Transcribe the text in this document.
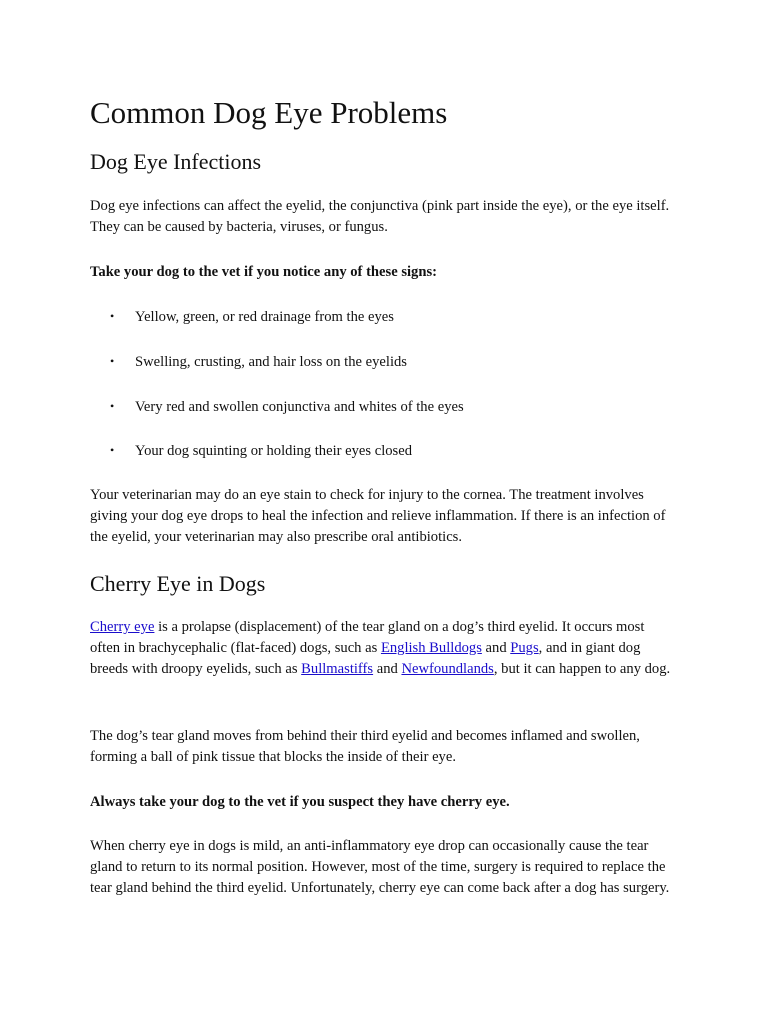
Common Dog Eye Problems
Dog Eye Infections

Dog eye infections can affect the eyelid, the conjunctiva (pink part inside the eye), or the eye itself. They can be caused by bacteria, viruses, or fungus.

Take your dog to the vet if you notice any of these signs:

• Yellow, green, or red drainage from the eyes
• Swelling, crusting, and hair loss on the eyelids
• Very red and swollen conjunctiva and whites of the eyes
• Your dog squinting or holding their eyes closed

Your veterinarian may do an eye stain to check for injury to the cornea. The treatment involves giving your dog eye drops to heal the infection and relieve inflammation. If there is an infection of the eyelid, your veterinarian may also prescribe oral antibiotics.

Cherry Eye in Dogs

Cherry eye is a prolapse (displacement) of the tear gland on a dog’s third eyelid. It occurs most often in brachycephalic (flat-faced) dogs, such as English Bulldogs and Pugs, and in giant dog breeds with droopy eyelids, such as Bullmastiffs and Newfoundlands, but it can happen to any dog.

The dog’s tear gland moves from behind their third eyelid and becomes inflamed and swollen, forming a ball of pink tissue that blocks the inside of their eye.

Always take your dog to the vet if you suspect they have cherry eye.

When cherry eye in dogs is mild, an anti-inflammatory eye drop can occasionally cause the tear gland to return to its normal position. However, most of the time, surgery is required to replace the tear gland behind the third eyelid. Unfortunately, cherry eye can come back after a dog has surgery.
